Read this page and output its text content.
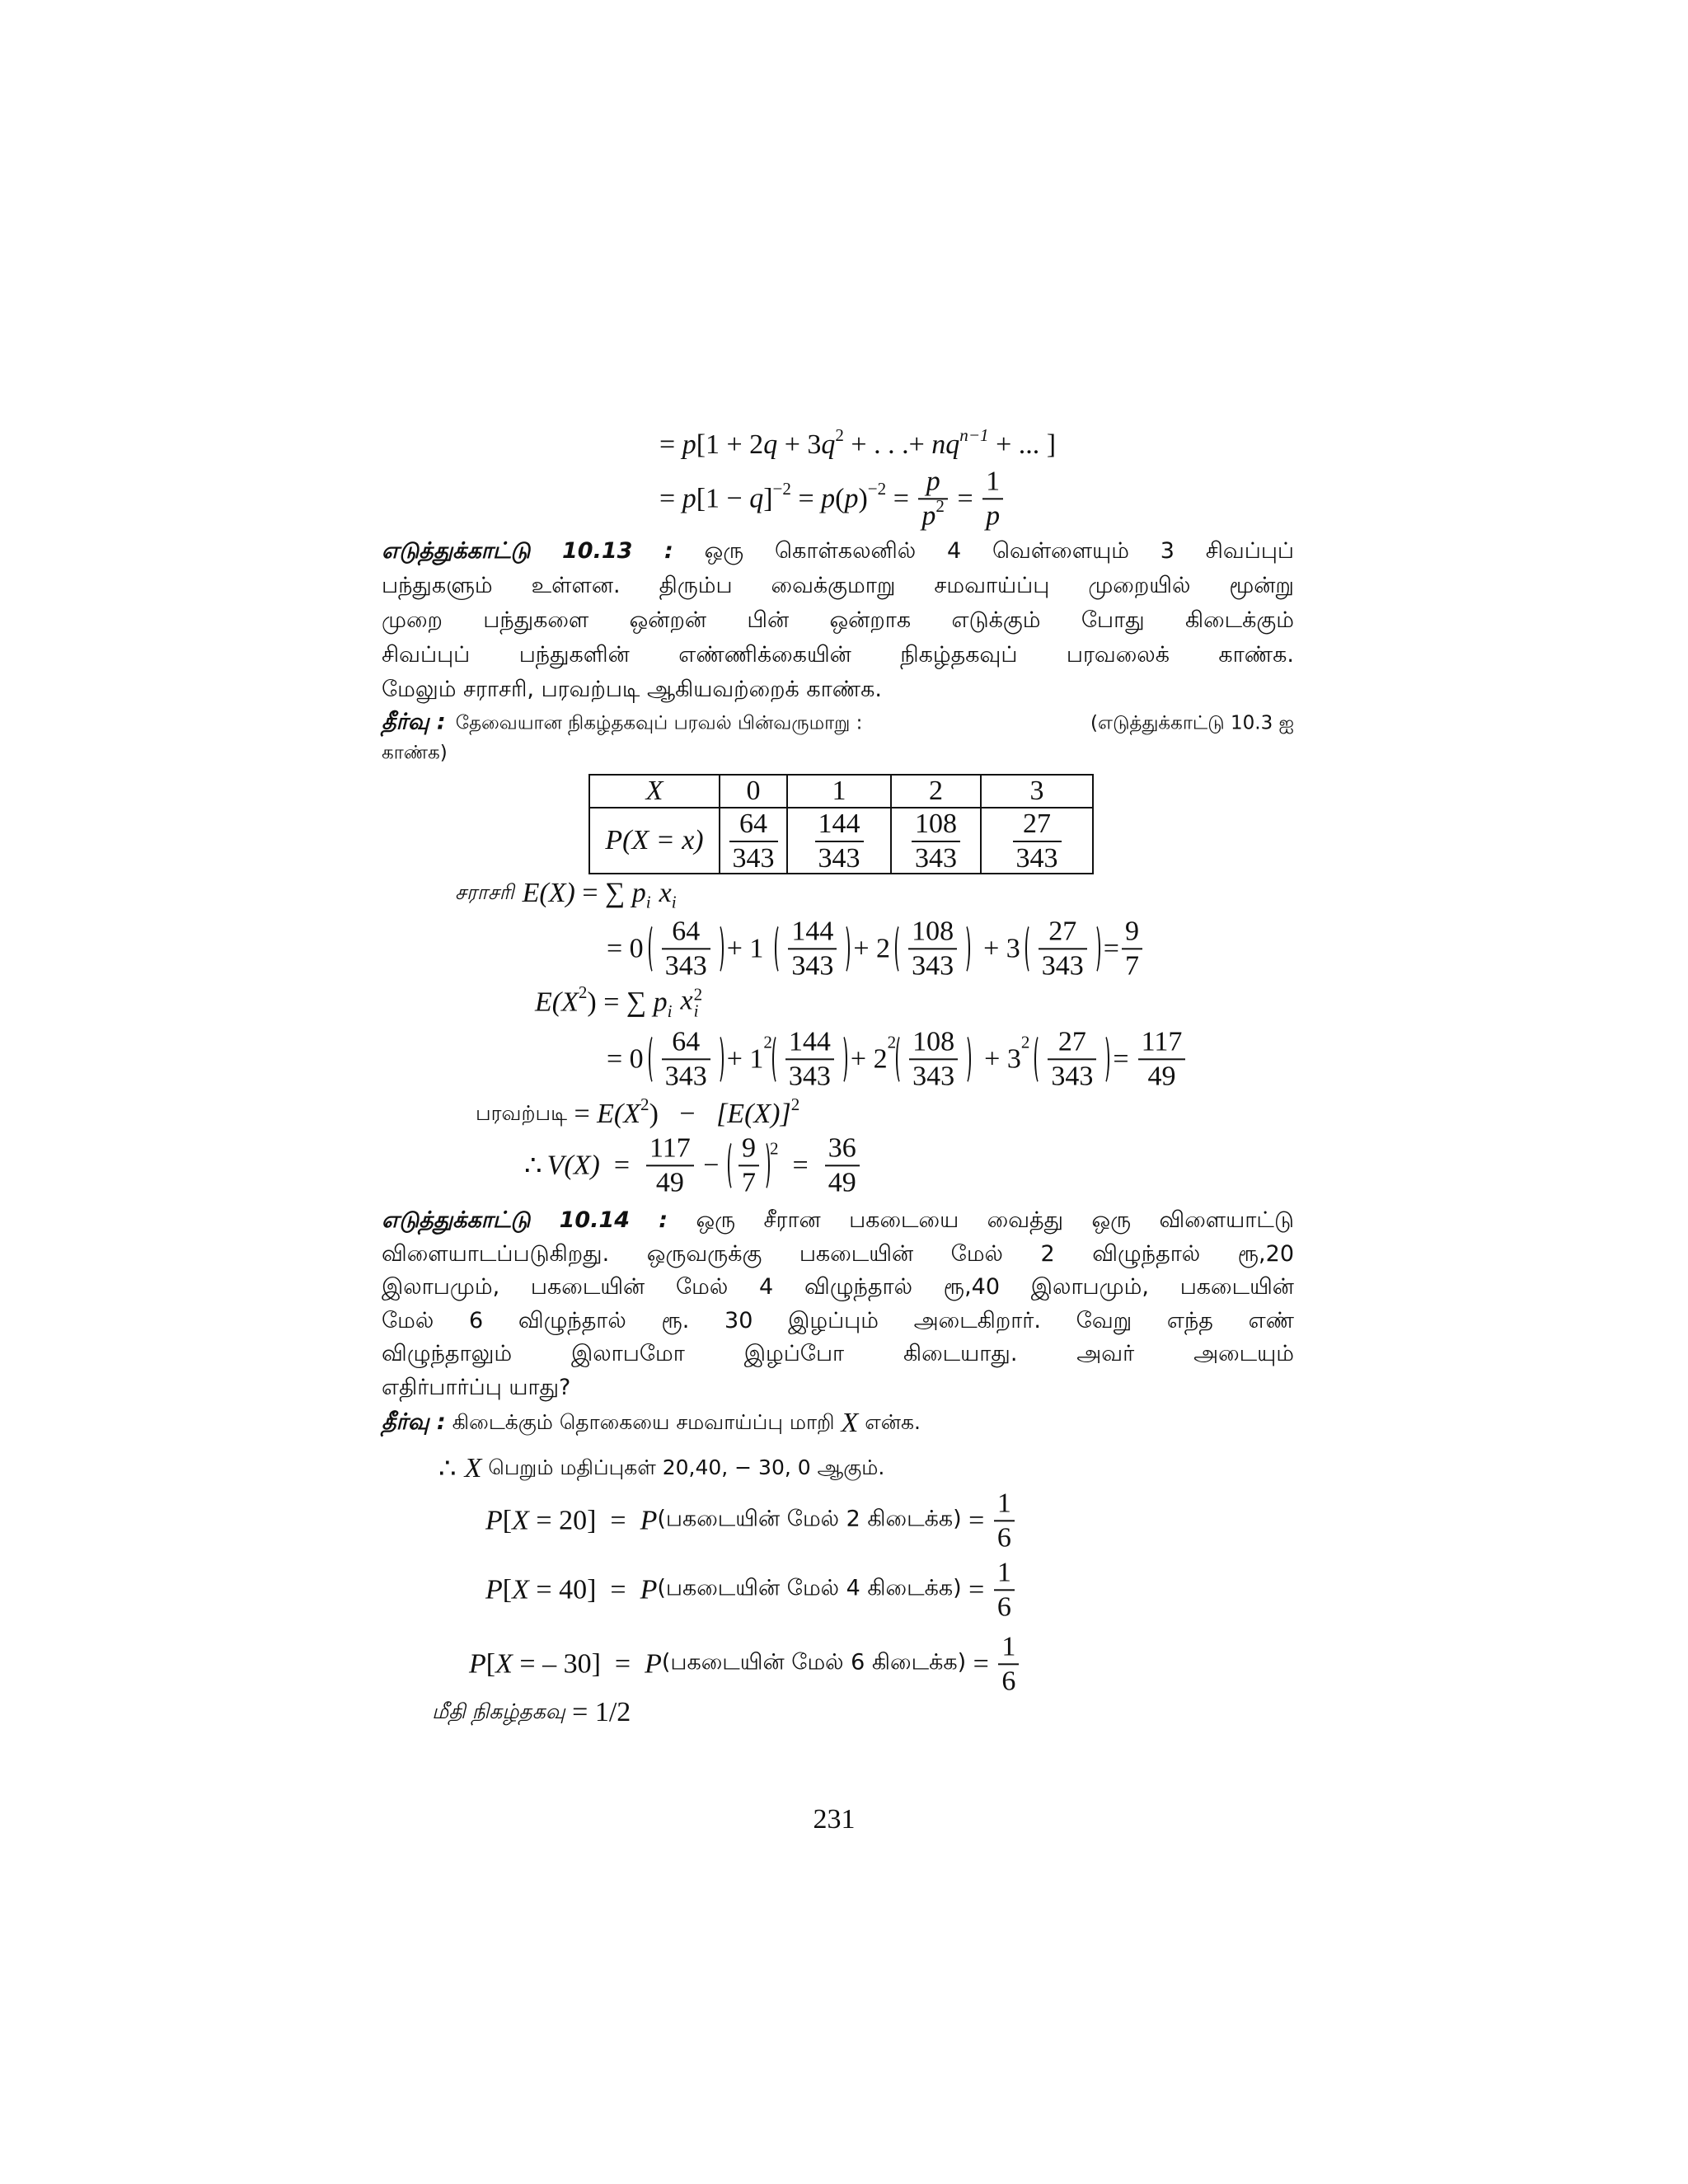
= p [1 + 2 q + 3 $q^2$ + . . .+ $nq^{n-1}$ + ... ]
= p [1 − q ]$^{-2}$ = p ( p )$^{-2} = \frac{p}{p^2} = \frac{1}{p}$
எடுத்துக்காட்டு 10.13 : ஒரு கொள்கலனில் 4 வெள்ளையும் 3 சிவப்புப்
பந்துகளும் உள்ளன. திரும்ப வைக்குமாறு சமவாய்ப்பு முறையில் மூன்று
முறை பந்துகளை ஒன்றன் பின் ஒன்றாக எடுக்கும் போது கிடைக்கும்
சிவப்புப் பந்துகளின் எண்ணிக்கையின் நிகழ்தகவுப் பரவலைக் காண்க.
மேலும் சராசரி, பரவற்படி ஆகியவற்றைக் காண்க.
தீர்வு : தேவையான நிகழ்தகவுப் பரவல் பின்வருமாறு :	(எடுத்துக்காட்டு 10.3 ஐ
காண்க)
X	0	1	2	3
P(X = x)	$\frac{64}{343}$	$\frac{144}{343}$	$\frac{108}{343}$	$\frac{27}{343}$
சராசரி E(X) = ∑ $p_i$ $x_i$
= $0 \frac{64}{343} + 1 \frac{144}{343} + 2 \frac{108}{343} + 3 \frac{27}{343} = \frac{9}{7}$
$E(X^2)$ = ∑ $p_i$ x 2
i
= $0 \frac{64}{343} + 1$
$2 \frac{144}{343} + 2$
$2 \frac{108}{343} + 3$
$2 \frac{27}{343} = \frac{117}{49}$
பரவற்படி = $E(X^2) - [E(X)]^2$
∴ $V(X) = \frac{117}{49} - \frac{9}{7} 2$
= $\frac{36}{49}$
எடுத்துக்காட்டு 10.14 : ஒரு சீரான பகடையை வைத்து ஒரு விளையாட்டு
விளையாடப்படுகிறது. ஒருவருக்கு பகடையின் மேல் 2 விழுந்தால் ரூ,20
இலாபமும், பகடையின் மேல் 4 விழுந்தால் ரூ,40 இலாபமும், பகடையின்
மேல் 6 விழுந்தால் ரூ. 30 இழப்பும் அடைகிறார். வேறு எந்த எண்
விழுந்தாலும் இலாபமோ இழப்போ கிடையாது. அவர் அடையும்
எதிர்பார்ப்பு யாது?
தீர்வு : கிடைக்கும் தொகையை சமவாய்ப்பு மாறி X என்க.
∴ X பெறும் மதிப்புகள் 20,40, − 30, 0 ஆகும்.
P [ X = 20] = P (பகடையின் மேல் 2 கிடைக்க) = $\frac{1}{6}$
P [ X = 40] = P (பகடையின் மேல் 4 கிடைக்க) = $\frac{1}{6}$
P [ X = – 30] = P (பகடையின் மேல் 6 கிடைக்க) = $\frac{1}{6}$
மீதி நிகழ்தகவு = 1/2
231
